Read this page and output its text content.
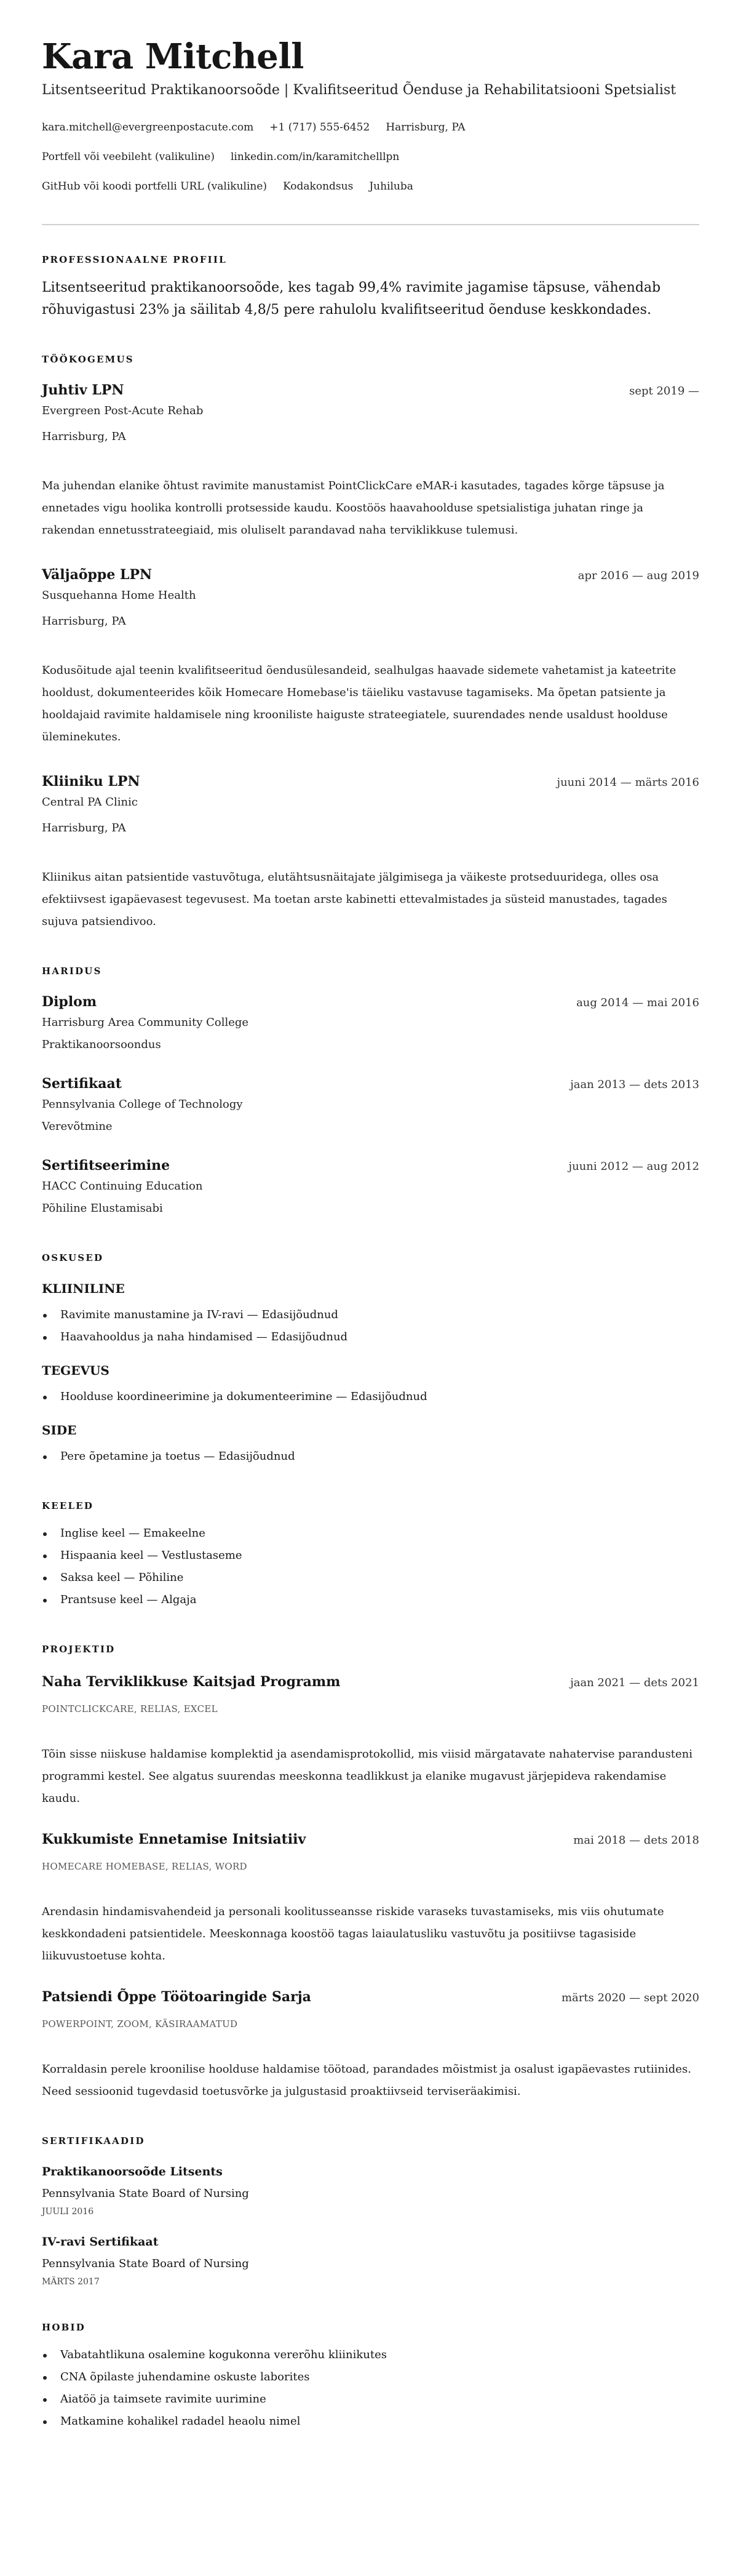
Kara Mitchell
Litsentseeritud Praktikanoorsoõde | Kvalifitseeritud Õenduse ja Rehabilitatsiooni Spetsialist
kara.mitchell@evergreenpostacute.com +1 (717) 555-6452 Harrisburg, PA
Portfell või veebileht (valikuline) linkedin.com/in/karamitchelllpn
GitHub või koodi portfelli URL (valikuline) Kodakondsus Juhiluba
PROFESSIONAALNE PROFIIL

Litsentseeritud praktikanoorsoõde, kes tagab 99,4% ravimite jagamise täpsuse, vähendab rõhuvigastusi 23% ja säilitab 4,8/5 pere rahulolu kvalifitseeritud õenduse keskkondades.

TÖÖKOGEMUS
Juhtiv LPN	sept 2019 —
Evergreen Post-Acute Rehab
Harrisburg, PA
Ma juhendan elanike õhtust ravimite manustamist PointClickCare eMAR-i kasutades, tagades kõrge täpsuse ja ennetades vigu hoolika kontrolli protsesside kaudu. Koostöös haavahoolduse spetsialistiga juhatan ringe ja rakendan ennetusstrateegiaid, mis oluliselt parandavad naha terviklikkuse tulemusi.
Väljaõppe LPN	apr 2016 — aug 2019
Susquehanna Home Health
Harrisburg, PA
Kodusõitude ajal teenin kvalifitseeritud õendusülesandeid, sealhulgas haavade sidemete vahetamist ja kateetrite hooldust, dokumenteerides kõik Homecare Homebase'is täieliku vastavuse tagamiseks. Ma õpetan patsiente ja hooldajaid ravimite haldamisele ning krooniliste haiguste strateegiatele, suurendades nende usaldust hoolduse üleminekutes.
Kliiniku LPN	juuni 2014 — märts 2016
Central PA Clinic
Harrisburg, PA
Kliinikus aitan patsientide vastuvõtuga, elutähtsusnäitajate jälgimisega ja väikeste protseduuridega, olles osa efektiivsest igapäevasest tegevusest. Ma toetan arste kabinetti ettevalmistades ja süsteid manustades, tagades sujuva patsiendivoo.
HARIDUS
Diplom	aug 2014 — mai 2016
Harrisburg Area Community College
Praktikanoorsoondus
Sertifikaat	jaan 2013 — dets 2013
Pennsylvania College of Technology
Verevõtmine
Sertifitseerimine	juuni 2012 — aug 2012
HACC Continuing Education
Põhiline Elustamisabi
OSKUSED
KLIINILINE
Ravimite manustamine ja IV-ravi — Edasijõudnud
Haavahooldus ja naha hindamised — Edasijõudnud
TEGEVUS
Hoolduse koordineerimine ja dokumenteerimine — Edasijõudnud
SIDE
Pere õpetamine ja toetus — Edasijõudnud
KEELED
Inglise keel — Emakeelne
Hispaania keel — Vestlustaseme
Saksa keel — Põhiline
Prantsuse keel — Algaja
PROJEKTID
Naha Terviklikkuse Kaitsjad Programm	jaan 2021 — dets 2021
POINTCLICKCARE, RELIAS, EXCEL
Tõin sisse niiskuse haldamise komplektid ja asendamisprotokollid, mis viisid märgatavate nahatervise parandusteni programmi kestel. See algatus suurendas meeskonna teadlikkust ja elanike mugavust järjepideva rakendamise kaudu.
Kukkumiste Ennetamise Initsiatiiv	mai 2018 — dets 2018
HOMECARE HOMEBASE, RELIAS, WORD
Arendasin hindamisvahendeid ja personali koolitusseansse riskide varaseks tuvastamiseks, mis viis ohutumate keskkondadeni patsientidele. Meeskonnaga koostöö tagas laiaulatusliku vastuvõtu ja positiivse tagasiside liikuvustoetuse kohta.
Patsiendi Õppe Töötoaringide Sarja	märts 2020 — sept 2020
POWERPOINT, ZOOM, KÄSIRAAMATUD
Korraldasin perele kroonilise hoolduse haldamise töötoad, parandades mõistmist ja osalust igapäevastes rutiinides. Need sessioonid tugevdasid toetusvõrke ja julgustasid proaktiivseid terviseräakimisi.
SERTIFIKAADID
Praktikanoorsoõde Litsents
Pennsylvania State Board of Nursing
JUULI 2016
IV-ravi Sertifikaat
Pennsylvania State Board of Nursing
MÄRTS 2017
HOBID
Vabatahtlikuna osalemine kogukonna vererõhu kliinikutes
CNA õpilaste juhendamine oskuste laborites
Aiatöö ja taimsete ravimite uurimine
Matkamine kohalikel radadel heaolu nimel
